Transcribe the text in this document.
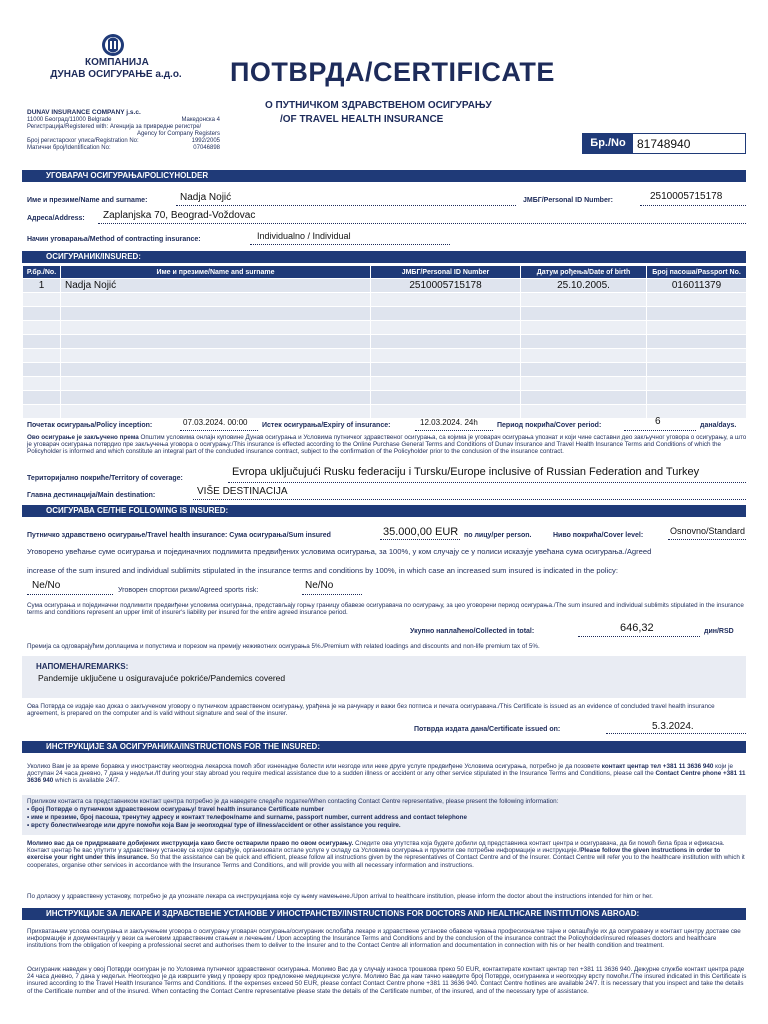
КОМПАНИЈА
ДУНАВ ОСИГУРАЊЕ а.д.о.
DUNAV INSURANCE COMPANY j.s.c.
11000 Београд/11000 Belgrade	Македонска 4
Регистрација/Registered with: Агенција за привредне регистре/
Agency for Company Registers
Број регистарског уписа/Registration No:	1992/2005
Матични број/Identification No:	07046898
ПОТВРДА/CERTIFICATE
О ПУТНИЧКОМ ЗДРАВСТВЕНОМ ОСИГУРАЊУ
/OF TRAVEL HEALTH INSURANCE
Бр./No 81748940
УГОВАРАЧ ОСИГУРАЊА/POLICYHOLDER
Име и презиме/Name and surname:	Nadja Nojić	ЈМБГ/Personal ID Number:	2510005715178
Адреса/Address: Zaplanjska 70, Beograd-Voždovac
Начин уговарања/Method of contracting insurance:	Individualno / Individual
ОСИГУРАНИК/INSURED:
Р.бр./No.	Име и презиме/Name and surname	ЈМБГ/Personal ID Number	Датум рођења/Date of birth	Број пасоша/Passport No.
1	Nadja Nojić	2510005715178	25.10.2005.	016011379

Почетак осигурања/Policy inception:	07.03.2024. 00:00 Истек осигурања/Expiry of insurance:	12.03.2024. 24h	Период покрића/Cover period:	6	дана/days.
Ово осигурање је закључено према Општим условима онлајн куповине Дунав осигурања и Условима путничког здравственог осигурања, са којима је уговарач осигурања упознат и који чине саставни део закључног уговора о осигурању, а што је уговарач осигурања потврдио пре закључења уговора о осигурању./This insurance is effected according to the Online Purchase General Terms and Conditions of Dunav Insurance and Travel Health Insurance Terms and Conditions of which the Policyholder is informed and which constitute an integral part of the concluded insurance contract, subject to the confirmation of the Policyholder prior to the conclusion of the insurance contract.
Територијално покриће/Territory of coverage:
Evropa uključujući Rusku federaciju i Tursku/Europe inclusive of Russian Federation and Turkey
Главна дестинација/Main destination:	VIŠE DESTINACIJA
ОСИГУРАВА СЕ/THE FOLLOWING IS INSURED:
Путничко здравствено осигурање/Travel health insurance: Сума осигурања/Sum insured	35.000,00 EUR по лицу/per person.	Ниво покрића/Cover level:	Osnovno/Standard
Уговорено увећање суме осигурања и појединачних подлимита предвиђених условима осигурања, за 100%, у ком случају се у полиси исказује увећана сума осигурања./Agreed
increase of the sum insured and individual sublimits stipulated in the insurance terms and conditions by 100%, in which case an increased sum insured is indicated in the policy:
Ne/No	Уговорен спортски ризик/Agreed sports risk:	Ne/No
Сума осигурања и појединачни подлимити предвиђени условима осигурања, представљају горњу границу обавезе осигуравача по осигурању, за цео уговорени период осигурања./The sum insured and individual sublimits stipulated in the insurance terms and conditions represent an upper limit of insurer's liability per insured for the entire agreed insurance period.
Укупно наплаћено/Collected in total:	646,32	дин/RSD
Премија са одговарајућим доплацима и попустима и порезом на премију неживотних осигурања 5%./Premium with related loadings and discounts and non-life premium tax of 5%.
НАПОМЕНА/REMARKS:
Pandemije uključene u osiguravajuće pokriće/Pandemics covered
Ова Потврда се издаје као доказ о закљученом уговору о путничком здравственом осигурању, урађена је на рачунару и важи без потписа и печата осигуравача./This Certificate is issued as an evidence of concluded travel health insurance agreement, is prepared on the computer and is valid without signature and seal of the insurer.
Потврда издата дана/Certificate issued on:	5.3.2024.
ИНСТРУКЦИЈЕ ЗА ОСИГУРАНИКА/INSTRUCTIONS FOR THE INSURED:
Уколико Вам је за време боравка у иностранству неопходна лекарска помоћ због изненадне болести или незгоде или неке друге услуге предвиђене Условима осигурања, потребно је да позовете контакт центар тел +381 11 3636 940 који је доступан 24 часа дневно, 7 дана у недељи./If during your stay abroad you require medical assistance due to a sudden illness or accident or any other service stipulated in the Insurance Terms and Conditions, please call the Contact Centre phone +381 11 3636 940 which is available 24/7.
Приликом контакта са представником контакт центра потребно је да наведете следеће податке/When contacting Contact Centre representative, please present the following information:
• број Потврде о путничком здравственом осигурању/ travel health insurance Certificate number
• име и презиме, број пасоша, тренутну адресу и контакт телефон/name and surname, passport number, current address and contact telephone
• врсту болести/незгоде или друге помоћи која Вам је неопходна/ type of illness/accident or other assistance you require.
Молимо вас да се придржавате добијених инструкција како бисте остварили право по овом осигурању. Следите ова упутства која будете добили од представника контакт центра и осигуравача, да би помоћ била брза и ефикасна. Контакт центар ће вас упутити у здравствену установу са којом сарађује, организовати остале услуге у складу са Условима осигурања и пружити све потребне информације и инструкције./Please follow the given instructions in order to exercise your right under this insurance. So that the assistance can be quick and efficient, please follow all instructions given by the representatives of Contact Centre and of the Insurer. Contact Centre will refer you to the healthcare institution with which it cooperates, organise other services in accordance with the Insurance Terms and Conditions, and will provide you with all necessary information and instructions.
По доласку у здравствену установу, потребно је да упознате лекара са инструкцијама које су њему намењене./Upon arrival to healthcare institution, please inform the doctor about the instructions intended for him or her.
ИНСТРУКЦИЈЕ ЗА ЛЕКАРЕ И ЗДРАВСТВЕНЕ УСТАНОВЕ У ИНОСТРАНСТВУ/INSTRUCTIONS FOR DOCTORS AND HEALTHCARE INSTITUTIONS ABROAD:
Прихватањем услова осигурања и закључењем уговора о осигурању уговарач осигурања/осигураник ослобађа лекаре и здравствене установе обавезе чувања професионалне тајне и овлашћује их да осигуравачу и контакт центру доставе све информације и документацију у вези са његовим здравственим стањем и лечењем./ Upon accepting the Insurance Terms and Conditions and by the conclusion of the insurance contract the Policyholder/insured releases doctors and healthcare institutions from the obligation of keeping a professional secret and authorises them to deliver to the Insurer and to the Contact Centre all information and documentation in connection with his or her health condition and treatment.
Осигураник наведен у овој Потврди осигуран је по Условима путничког здравственог осигурања. Молимо Вас да у случају износа трошкова преко 50 EUR, контактирате контакт центар тел +381 11 3636 940. Дежурне службе контакт центра раде 24 часа дневно, 7 дана у недељи. Неопходно је да извршите увид у проверу кроз предложене медицинске услуге. Молимо Вас да нам тачно наведите број Потврде, осигураника и неопходну врсту помоћи./The insured indicated in this Certificate is insured according to the Travel Health Insurance Terms and Conditions. If the expenses exceed 50 EUR, please contact Contact Centre phone +381 11 3636 940. Contact Centre hotlines are available 24/7. It is necessary that you inspect and take the details of the Certificate number and of the insured. When contacting the Contact Centre representative please state the details of the Certificate number, of the insured, and of the necessary type of assistance.
